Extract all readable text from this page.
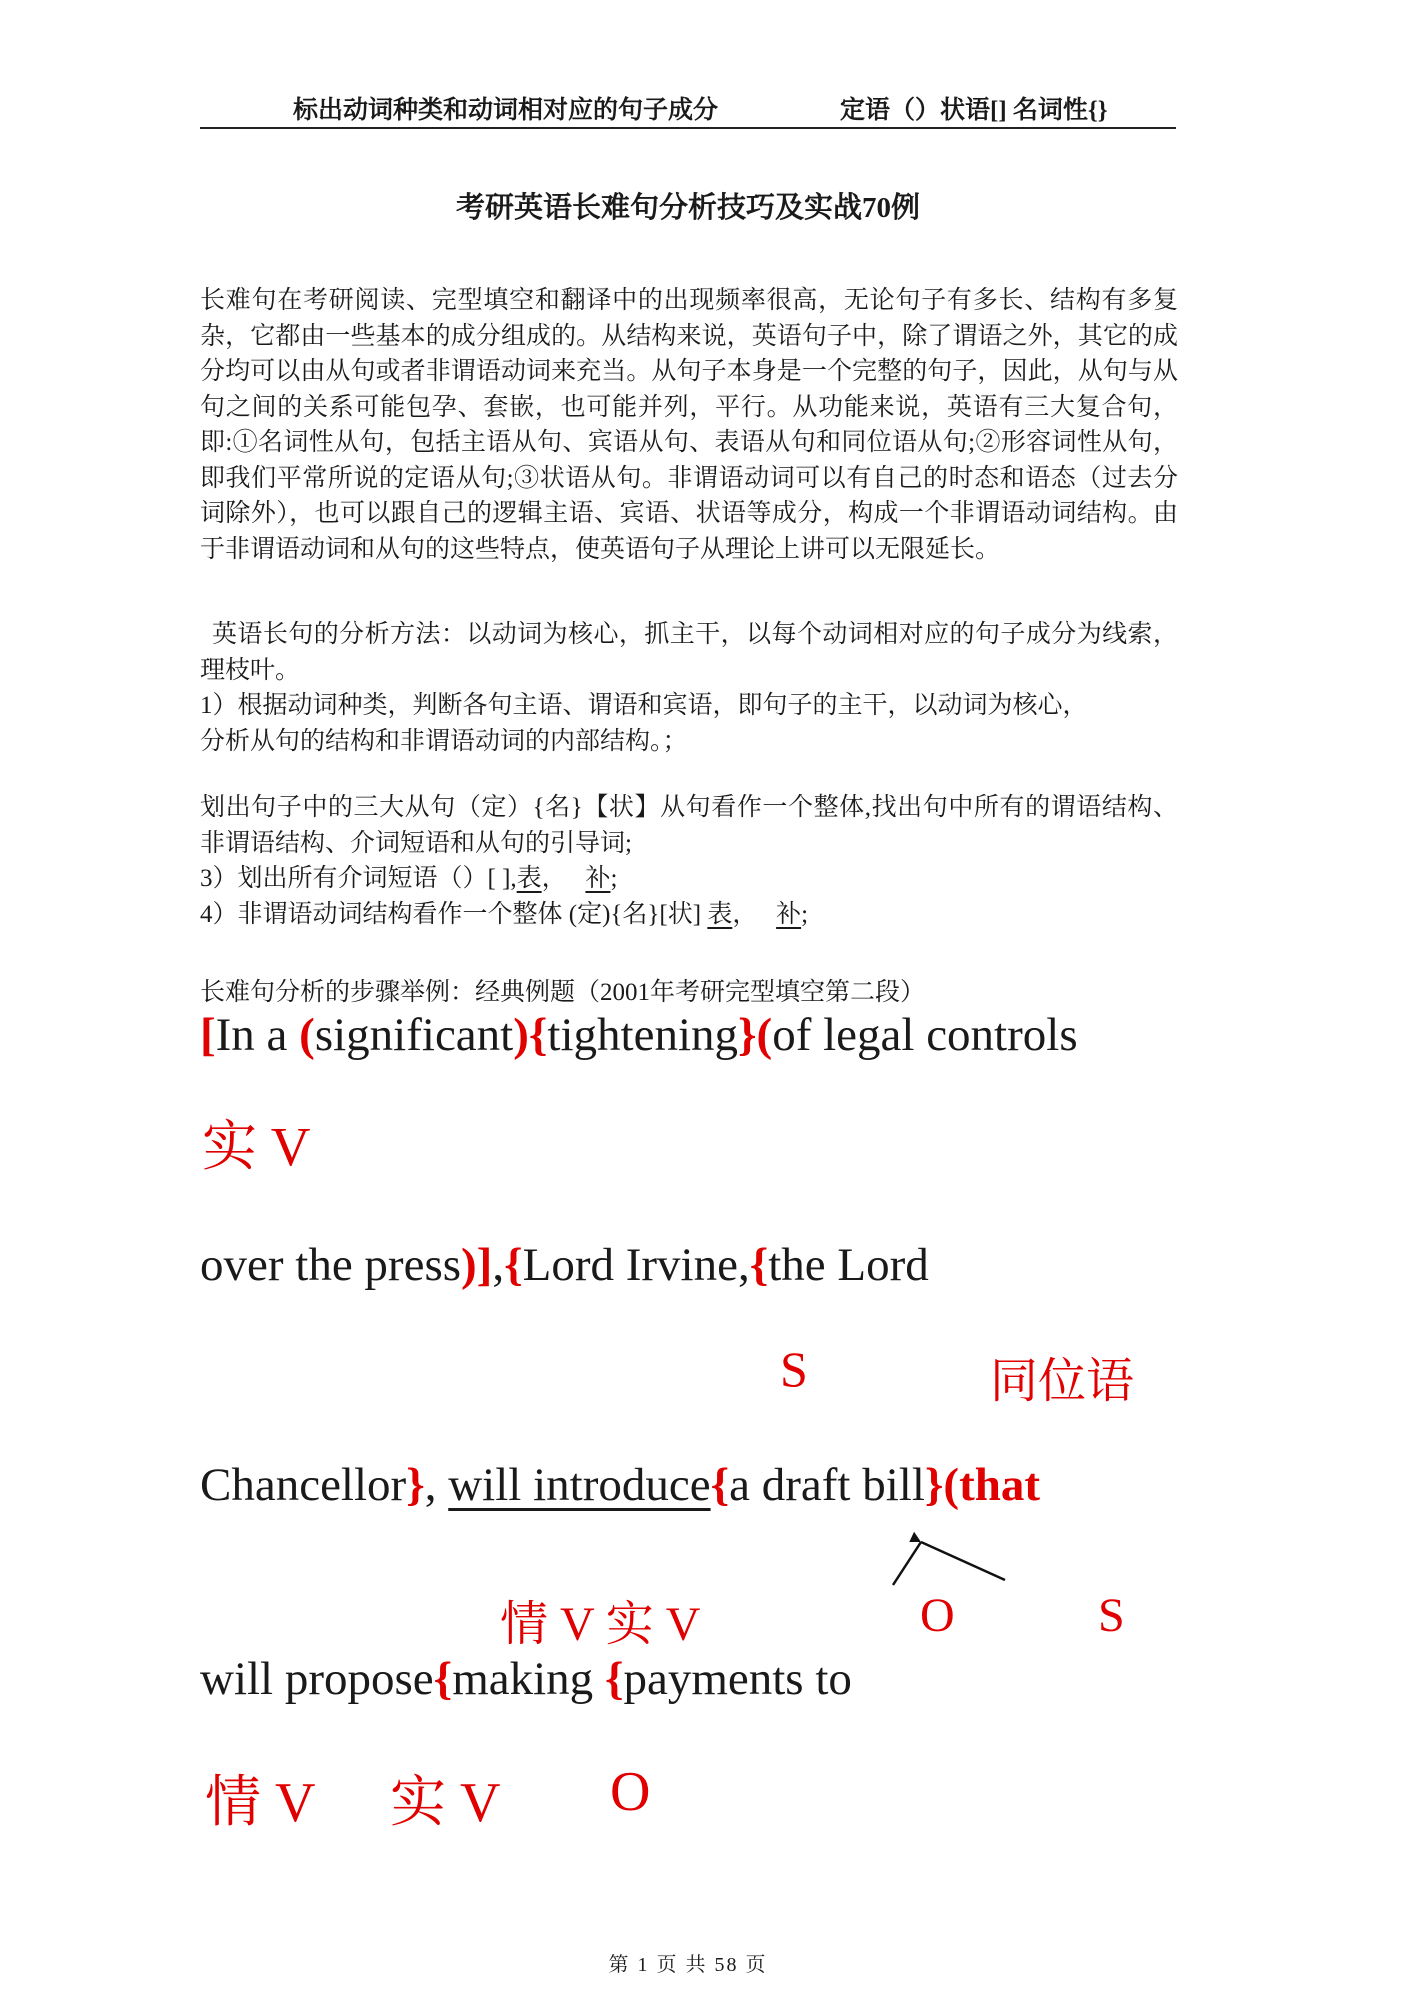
标出动词种类和动词相对应的句子成分	定语（）状语[] 名词性{}
考研英语长难句分析技巧及实战70例
长难句在考研阅读、完型填空和翻译中的出现频率很高，无论句子有多长、结构有多复杂，它都由一些基本的成分组成的。从结构来说，英语句子中，除了谓语之外，其它的成分均可以由从句或者非谓语动词来充当。从句子本身是一个完整的句子，因此，从句与从句之间的关系可能包孕、套嵌，也可能并列，平行。从功能来说，英语有三大复合句，即:①名词性从句，包括主语从句、宾语从句、表语从句和同位语从句;②形容词性从句，即我们平常所说的定语从句;③状语从句。非谓语动词可以有自己的时态和语态（过去分词除外），也可以跟自己的逻辑主语、宾语、状语等成分，构成一个非谓语动词结构。由于非谓语动词和从句的这些特点，使英语句子从理论上讲可以无限延长。
英语长句的分析方法：以动词为核心，抓主干，以每个动词相对应的句子成分为线索，理枝叶。
1）根据动词种类，判断各句主语、谓语和宾语，即句子的主干，以动词为核心，
分析从句的结构和非谓语动词的内部结构。；
划出句子中的三大从句（定）{名}【状】从句看作一个整体,找出句中所有的谓语结构、非谓语结构、介词短语和从句的引导词;
3）划出所有介词短语（）[ ],表，   补;
4）非谓语动词结构看作一个整体 (定){名}[状] 表，   补;
长难句分析的步骤举例：经典例题（2001年考研完型填空第二段）
[In a (significant){tightening}(of legal controls
实 V
over the press)],{Lord Irvine,{the Lord
S	同位语
Chancellor}, will introduce{a draft bill}(that
情 V 实 V	O	S
will propose{making {payments to
情 V 实 V O
第 1 页 共 58 页
